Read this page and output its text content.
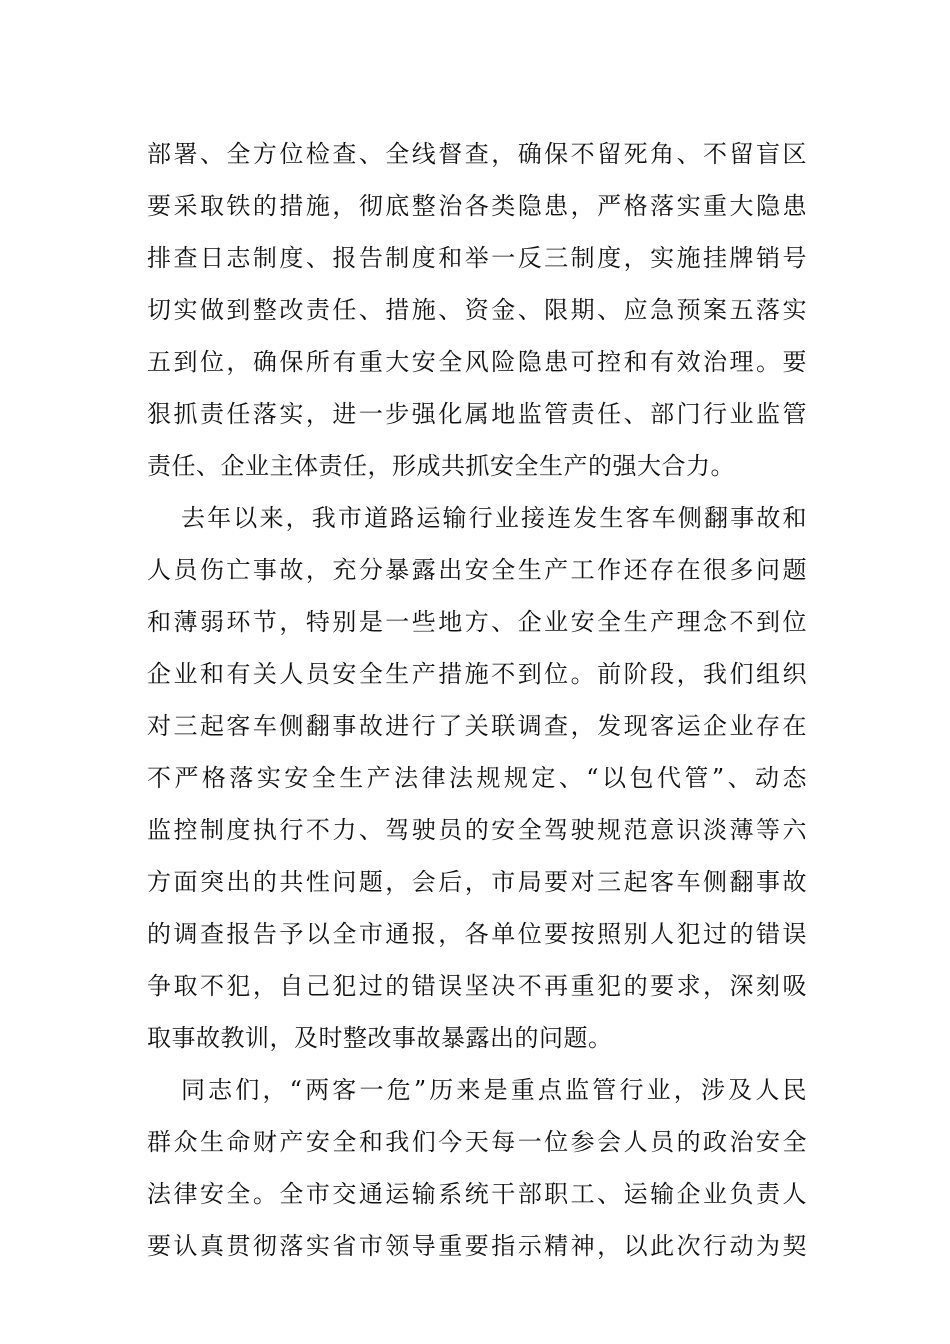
部署、全方位检查、全线督查，确保不留死角、不留盲区
要采取铁的措施，彻底整治各类隐患，严格落实重大隐患
排查日志制度、报告制度和举一反三制度，实施挂牌销号
切实做到整改责任、措施、资金、限期、应急预案五落实
五到位，确保所有重大安全风险隐患可控和有效治理。要
狠抓责任落实，进一步强化属地监管责任、部门行业监管
责任、企业主体责任，形成共抓安全生产的强大合力。
去年以来，我市道路运输行业接连发生客车侧翻事故和
人员伤亡事故，充分暴露出安全生产工作还存在很多问题
和薄弱环节，特别是一些地方、企业安全生产理念不到位
企业和有关人员安全生产措施不到位。前阶段，我们组织
对三起客车侧翻事故进行了关联调查，发现客运企业存在
不严格落实安全生产法律法规规定、“以包代管”、动态
监控制度执行不力、驾驶员的安全驾驶规范意识淡薄等六
方面突出的共性问题，会后，市局要对三起客车侧翻事故
的调查报告予以全市通报，各单位要按照别人犯过的错误
争取不犯，自己犯过的错误坚决不再重犯的要求，深刻吸
取事故教训，及时整改事故暴露出的问题。
同志们，“两客一危”历来是重点监管行业，涉及人民
群众生命财产安全和我们今天每一位参会人员的政治安全
法律安全。全市交通运输系统干部职工、运输企业负责人
要认真贯彻落实省市领导重要指示精神，以此次行动为契
